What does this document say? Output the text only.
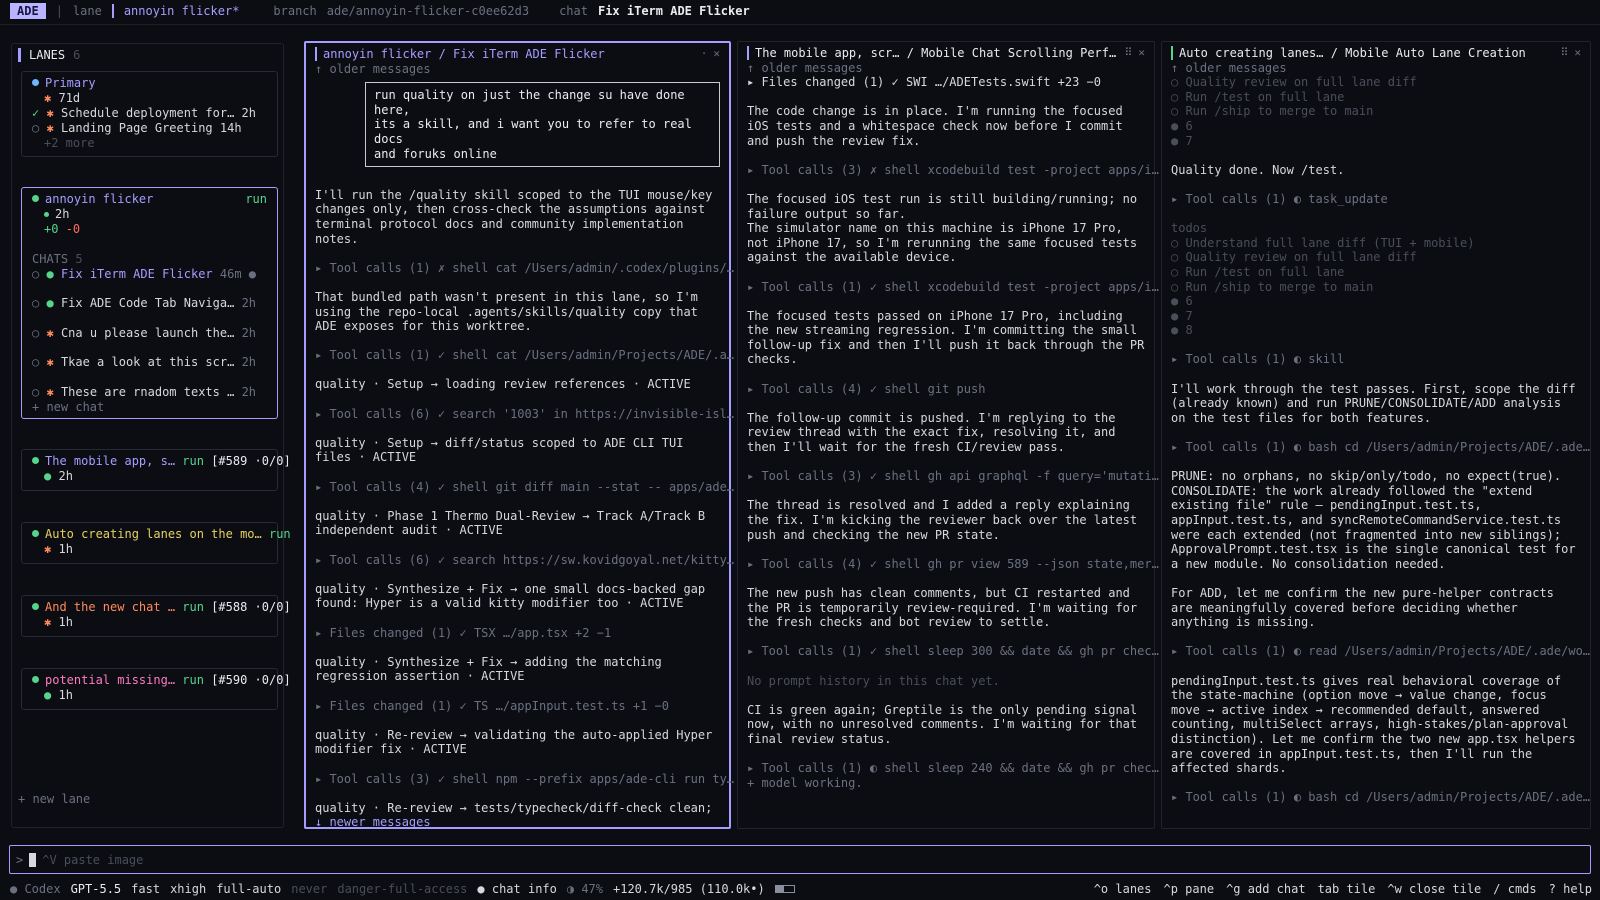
ADE	| lane annoyin flicker*	branch ade/annoyin-flicker-c0ee62d3	chat Fix iTerm ADE Flicker
LANES 6
Primary
✱ 71d
✓ ✱ Schedule deployment for… 2h
○ ✱ Landing Page Greeting 14h
+2 more
annoyin flicker	run
2h
+0 -0
CHATS 5
○ ● Fix iTerm ADE Flicker 46m ●
○ ● Fix ADE Code Tab Naviga… 2h
○ ✱ Cna u please launch the… 2h
○ ✱ Tkae a look at this scr… 2h
○ ✱ These are rnadom texts … 2h
+ new chat
The mobile app, s… run [#589 ·0/0]
● 2h
Auto creating lanes on the mo… run
✱ 1h
And the new chat … run [#588 ·0/0]
✱ 1h
potential missing… run [#590 ·0/0]
● 1h
+ new lane
annoyin flicker / Fix iTerm ADE Flicker	· ✕
↑ older messages
run quality on just the change su have done here,
its a skill, and i want you to refer to real docs
and foruks online
I'll run the /quality skill scoped to the TUI mouse/key changes only, then cross-check the assumptions against terminal protocol docs and community implementation notes.
▸ Tool calls (1) ✗ shell cat /Users/admin/.codex/plugins/…
That bundled path wasn't present in this lane, so I'm using the repo-local .agents/skills/quality copy that ADE exposes for this worktree.
▸ Tool calls (1) ✓ shell cat /Users/admin/Projects/ADE/.a…
quality · Setup → loading review references · ACTIVE
▸ Tool calls (6) ✓ search '1003' in https://invisible-isl…
quality · Setup → diff/status scoped to ADE CLI TUI files · ACTIVE
▸ Tool calls (4) ✓ shell git diff main --stat -- apps/ade…
quality · Phase 1 Thermo Dual-Review → Track A/Track B independent audit · ACTIVE
▸ Tool calls (6) ✓ search https://sw.kovidgoyal.net/kitty…
quality · Synthesize + Fix → one small docs-backed gap found: Hyper is a valid kitty modifier too · ACTIVE
▸ Files changed (1) ✓ TSX …/app.tsx +2 −1
quality · Synthesize + Fix → adding the matching regression assertion · ACTIVE
▸ Files changed (1) ✓ TS …/appInput.test.ts +1 −0
quality · Re-review → validating the auto-applied Hyper modifier fix · ACTIVE
▸ Tool calls (3) ✓ shell npm --prefix apps/ade-cli run ty…
quality · Re-review → tests/typecheck/diff-check clean;
↓ newer messages
The mobile app, scr… / Mobile Chat Scrolling Perf… ⠿ ✕
↑ older messages
▸ Files changed (1) ✓ SWI …/ADETests.swift +23 −0
The code change is in place. I'm running the focused iOS tests and a whitespace check now before I commit and push the review fix.
▸ Tool calls (3) ✗ shell xcodebuild test -project apps/i…
The focused iOS test run is still building/running; no failure output so far.
The simulator name on this machine is iPhone 17 Pro, not iPhone 17, so I'm rerunning the same focused tests against the available device.
▸ Tool calls (1) ✓ shell xcodebuild test -project apps/i…
The focused tests passed on iPhone 17 Pro, including the new streaming regression. I'm committing the small follow-up fix and then I'll push it back through the PR checks.
▸ Tool calls (4) ✓ shell git push
The follow-up commit is pushed. I'm replying to the review thread with the exact fix, resolving it, and then I'll wait for the fresh CI/review pass.
▸ Tool calls (3) ✓ shell gh api graphql -f query='mutati…
The thread is resolved and I added a reply explaining the fix. I'm kicking the reviewer back over the latest push and checking the new PR state.
▸ Tool calls (4) ✓ shell gh pr view 589 --json state,mer…
The new push has clean comments, but CI restarted and the PR is temporarily review-required. I'm waiting for the fresh checks and bot review to settle.
▸ Tool calls (1) ✓ shell sleep 300 && date && gh pr chec…
No prompt history in this chat yet.
CI is green again; Greptile is the only pending signal now, with no unresolved comments. I'm waiting for that final review status.
▸ Tool calls (1) ◐ shell sleep 240 && date && gh pr chec…
+ model working.
Auto creating lanes… / Mobile Auto Lane Creation	⠿ ✕
↑ older messages
○ Quality review on full lane diff
○ Run /test on full lane
○ Run /ship to merge to main
● 6
● 7
Quality done. Now /test.
▸ Tool calls (1) ◐ task_update
todos
○ Understand full lane diff (TUI + mobile)
○ Quality review on full lane diff
○ Run /test on full lane
○ Run /ship to merge to main
● 6
● 7
● 8
▸ Tool calls (1) ◐ skill
I'll work through the test passes. First, scope the diff (already known) and run PRUNE/CONSOLIDATE/ADD analysis on the test files for both features.
▸ Tool calls (1) ◐ bash cd /Users/admin/Projects/ADE/.ade…
PRUNE: no orphans, no skip/only/todo, no expect(true).
CONSOLIDATE: the work already followed the "extend existing file" rule — pendingInput.test.ts, appInput.test.ts, and syncRemoteCommandService.test.ts were each extended (not fragmented into new siblings); ApprovalPrompt.test.tsx is the single canonical test for a new module. No consolidation needed.
For ADD, let me confirm the new pure-helper contracts are meaningfully covered before deciding whether anything is missing.
▸ Tool calls (1) ◐ read /Users/admin/Projects/ADE/.ade/wo…
pendingInput.test.ts gives real behavioral coverage of the state-machine (option move → value change, focus move → active index → recommended default, answered counting, multiSelect arrays, high-stakes/plan-approval distinction). Let me confirm the two new app.tsx helpers are covered in appInput.test.ts, then I'll run the affected shards.
▸ Tool calls (1) ◐ bash cd /Users/admin/Projects/ADE/.ade…
> ^V paste image
● Codex GPT-5.5 fast xhigh full-auto never danger-full-access ● chat info ◑ 47% +120.7k/985 (110.0k•)	^o lanes ^p pane ^g add chat tab tile ^w close tile / cmds ? help
